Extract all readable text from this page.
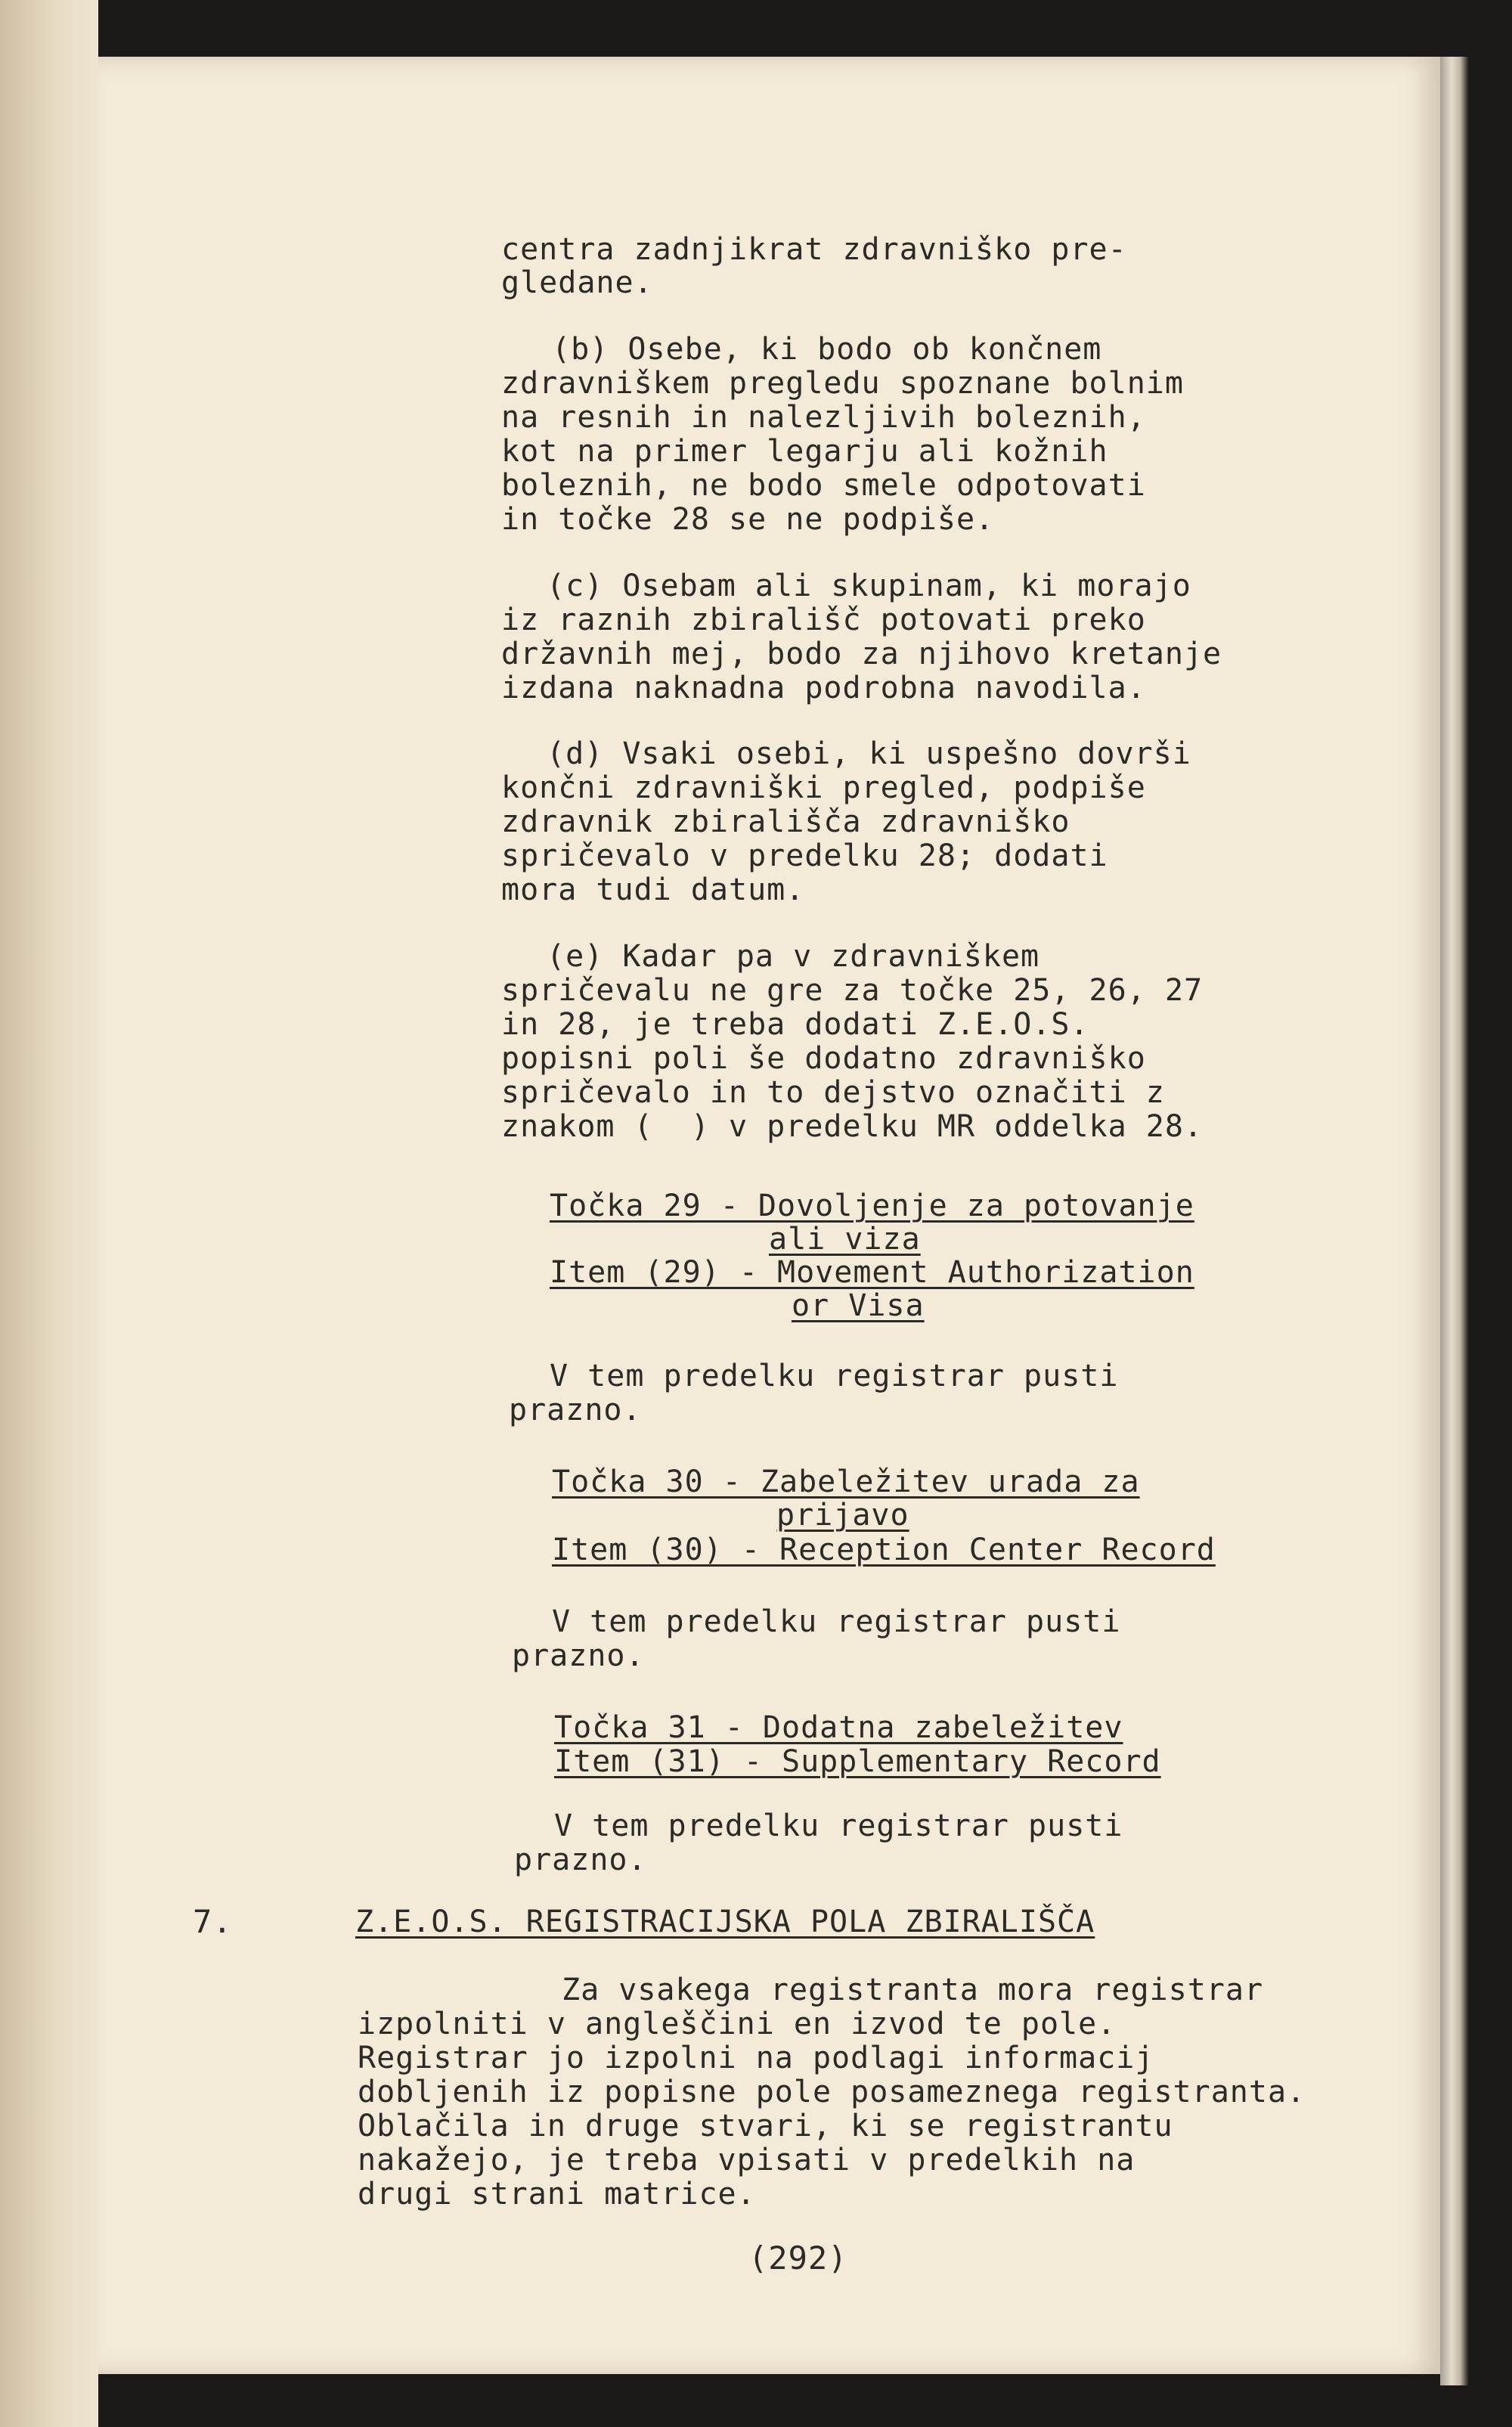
centra zadnjikrat zdravniško pre-

gledane.

(b) Osebe, ki bodo ob končnem

zdravniškem pregledu spoznane bolnim

na resnih in nalezljivih boleznih,

kot na primer legarju ali kožnih

boleznih, ne bodo smele odpotovati

in točke 28 se ne podpiše.

(c) Osebam ali skupinam, ki morajo

iz raznih zbirališč potovati preko

državnih mej, bodo za njihovo kretanje

izdana naknadna podrobna navodila.

(d) Vsaki osebi, ki uspešno dovrši

končni zdravniški pregled, podpiše

zdravnik zbirališča zdravniško

spričevalo v predelku 28; dodati

mora tudi datum.

(e) Kadar pa v zdravniškem

spričevalu ne gre za točke 25, 26, 27

in 28, je treba dodati Z.E.O.S.

popisni poli še dodatno zdravniško

spričevalo in to dejstvo označiti z

znakom (  ) v predelku MR oddelka 28.

Točka 29 - Dovoljenje za potovanje

ali viza

Item (29) - Movement Authorization

or Visa

V tem predelku registrar pusti

prazno.

Točka 30 - Zabeležitev urada za

prijavo

Item (30) - Reception Center Record

V tem predelku registrar pusti

prazno.

Točka 31 - Dodatna zabeležitev

Item (31) - Supplementary Record

V tem predelku registrar pusti

prazno.

7.	Z.E.O.S. REGISTRACIJSKA POLA ZBIRALIŠČA

Za vsakega registranta mora registrar

izpolniti v angleščini en izvod te pole.

Registrar jo izpolni na podlagi informacij

dobljenih iz popisne pole posameznega registranta.

Oblačila in druge stvari, ki se registrantu

nakažejo, je treba vpisati v predelkih na

drugi strani matrice.

(292)
